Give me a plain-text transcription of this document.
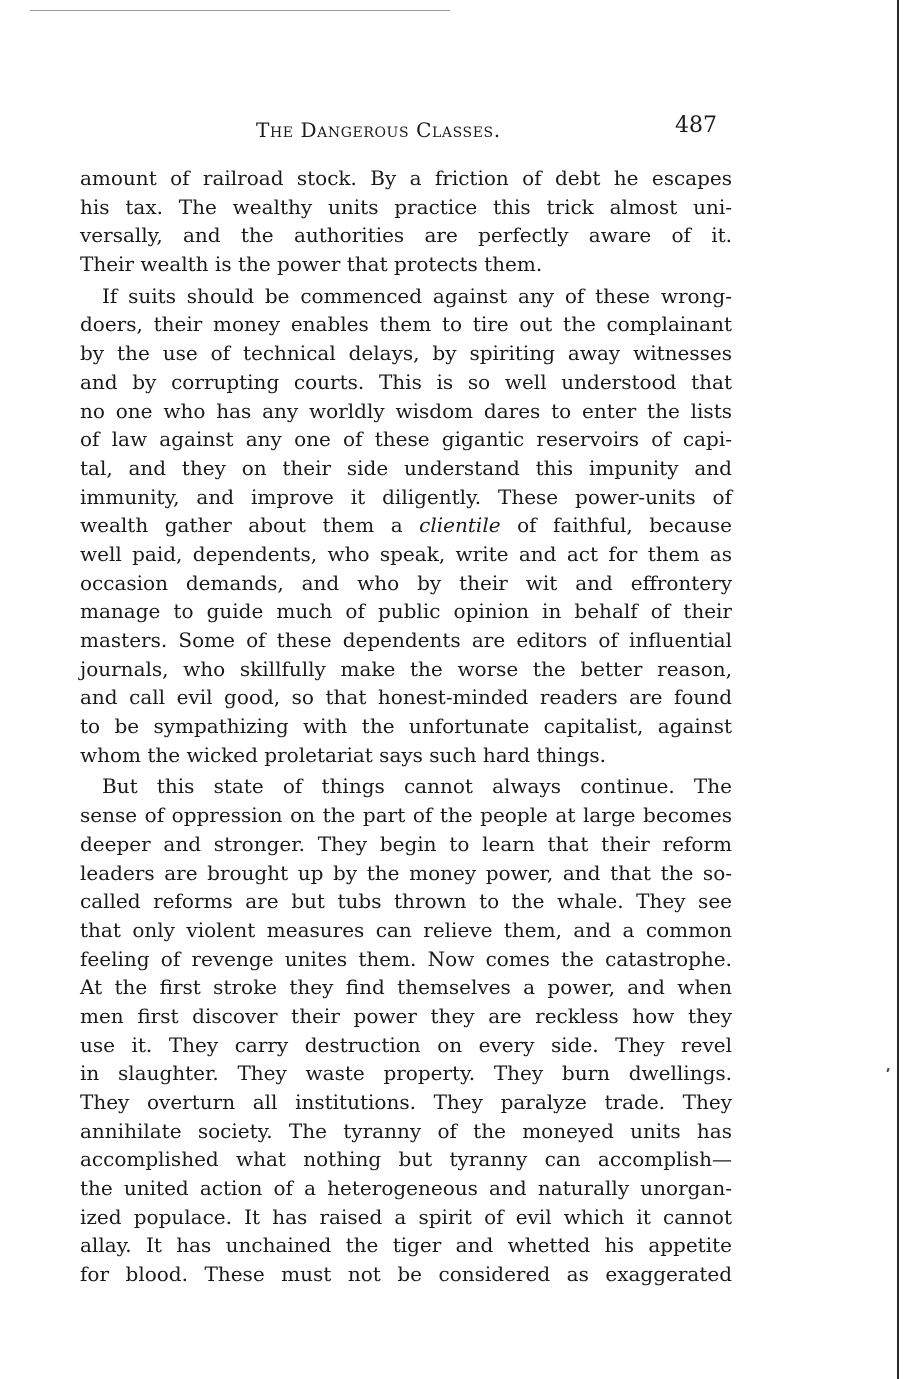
The Dangerous Classes.	487
amount of railroad stock. By a friction of debt he escapes
his tax. The wealthy units practice this trick almost uni-
versally, and the authorities are perfectly aware of it.
Their wealth is the power that protects them.
If suits should be commenced against any of these wrong-
doers, their money enables them to tire out the complainant
by the use of technical delays, by spiriting away witnesses
and by corrupting courts. This is so well understood that
no one who has any worldly wisdom dares to enter the lists
of law against any one of these gigantic reservoirs of capi-
tal, and they on their side understand this impunity and
immunity, and improve it diligently. These power-units of
wealth gather about them a clientile of faithful, because
well paid, dependents, who speak, write and act for them as
occasion demands, and who by their wit and effrontery
manage to guide much of public opinion in behalf of their
masters. Some of these dependents are editors of influential
journals, who skillfully make the worse the better reason,
and call evil good, so that honest-minded readers are found
to be sympathizing with the unfortunate capitalist, against
whom the wicked proletariat says such hard things.
But this state of things cannot always continue. The
sense of oppression on the part of the people at large becomes
deeper and stronger. They begin to learn that their reform
leaders are brought up by the money power, and that the so-
called reforms are but tubs thrown to the whale. They see
that only violent measures can relieve them, and a common
feeling of revenge unites them. Now comes the catastrophe.
At the first stroke they find themselves a power, and when
men first discover their power they are reckless how they
use it. They carry destruction on every side. They revel
in slaughter. They waste property. They burn dwellings.
They overturn all institutions. They paralyze trade. They
annihilate society. The tyranny of the moneyed units has
accomplished what nothing but tyranny can accomplish—
the united action of a heterogeneous and naturally unorgan-
ized populace. It has raised a spirit of evil which it cannot
allay. It has unchained the tiger and whetted his appetite
for blood. These must not be considered as exaggerated
